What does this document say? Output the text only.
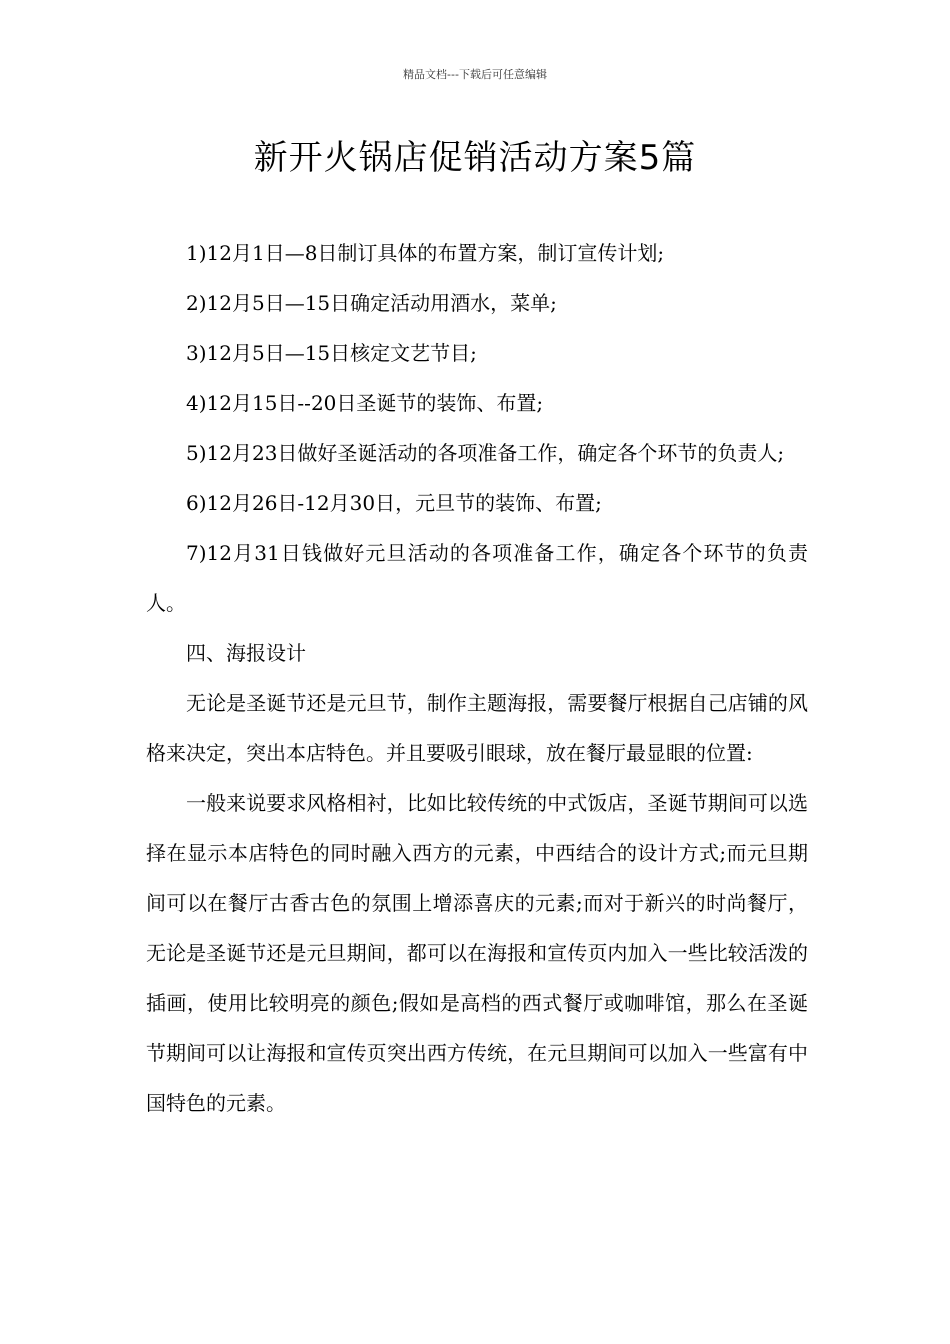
精品文档---下载后可任意编辑
新开火锅店促销活动方案5篇

1)12月1日—8日制订具体的布置方案，制订宣传计划;

2)12月5日—15日确定活动用酒水，菜单;

3)12月5日—15日核定文艺节目;

4)12月15日--20日圣诞节的装饰、布置;

5)12月23日做好圣诞活动的各项准备工作，确定各个环节的负责人;

6)12月26日-12月30日，元旦节的装饰、布置;

7)12月31日钱做好元旦活动的各项准备工作，确定各个环节的负责人。

四、海报设计

无论是圣诞节还是元旦节，制作主题海报，需要餐厅根据自己店铺的风格来决定，突出本店特色。并且要吸引眼球，放在餐厅最显眼的位置:

一般来说要求风格相衬，比如比较传统的中式饭店，圣诞节期间可以选择在显示本店特色的同时融入西方的元素，中西结合的设计方式;而元旦期间可以在餐厅古香古色的氛围上增添喜庆的元素;而对于新兴的时尚餐厅，无论是圣诞节还是元旦期间，都可以在海报和宣传页内加入一些比较活泼的插画，使用比较明亮的颜色;假如是高档的西式餐厅或咖啡馆，那么在圣诞节期间可以让海报和宣传页突出西方传统，在元旦期间可以加入一些富有中国特色的元素。
